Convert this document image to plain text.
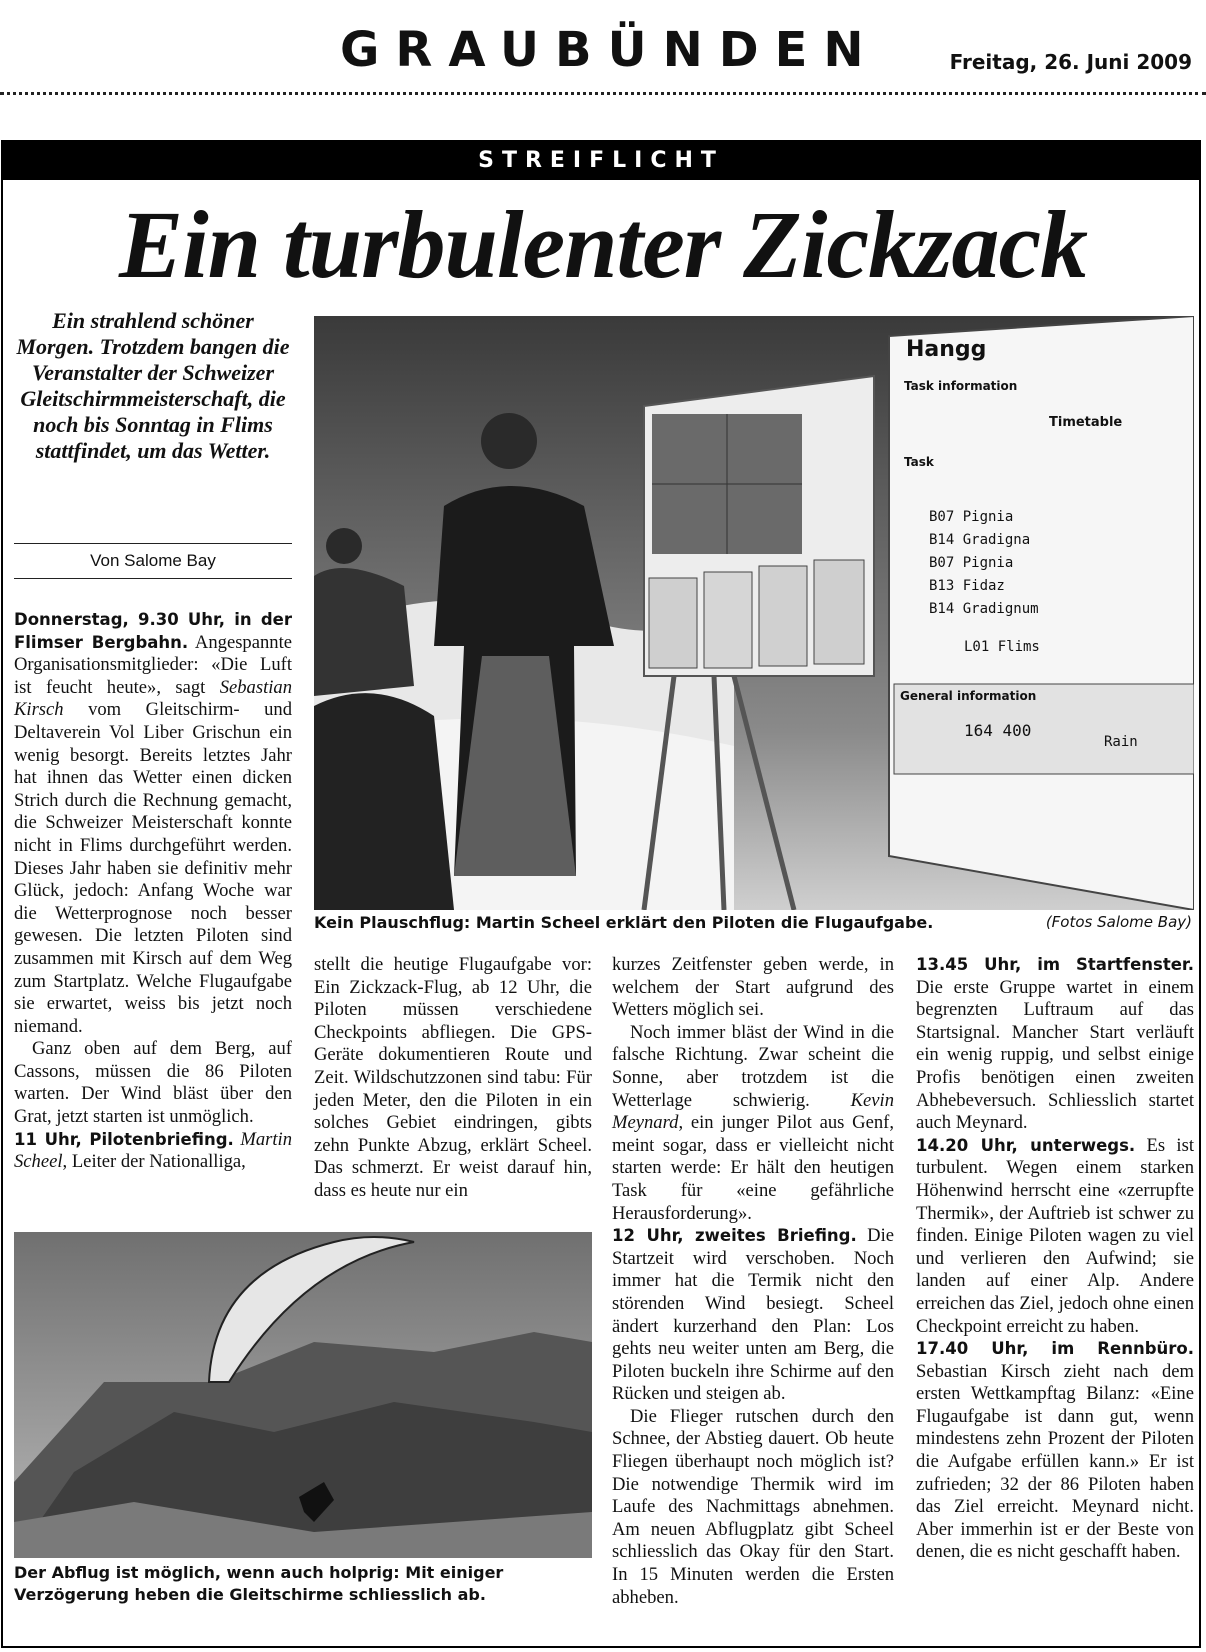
GRAUBÜNDEN	Freitag, 26. Juni 2009
STREIFLICHT
Ein turbulenter Zickzack
Ein strahlend schöner Morgen. Trotzdem bangen die Veranstalter der Schweizer Gleitschirmmeisterschaft, die noch bis Sonntag in Flims stattfindet, um das Wetter.
Von Salome Bay

Donnerstag, 9.30 Uhr, in der Flimser Bergbahn. Angespannte Organisationsmitglieder: «Die Luft ist feucht heute», sagt Sebastian Kirsch vom Gleitschirm- und Deltaverein Vol Liber Grischun ein wenig besorgt. Bereits letztes Jahr hat ihnen das Wetter einen dicken Strich durch die Rechnung gemacht, die Schweizer Meisterschaft konnte nicht in Flims durchgeführt werden. Dieses Jahr haben sie definitiv mehr Glück, jedoch: Anfang Woche war die Wetterprognose noch besser gewesen. Die letzten Piloten sind zusammen mit Kirsch auf dem Weg zum Startplatz. Welche Flugaufgabe sie erwartet, weiss bis jetzt noch niemand.

Ganz oben auf dem Berg, auf Cassons, müssen die 86 Piloten warten. Der Wind bläst über den Grat, jetzt starten ist unmöglich.

11 Uhr, Pilotenbriefing. Martin Scheel, Leiter der Nationalliga,

Hangg
Task information
Timetable
Task
B07 Pignia
B14 Gradigna
B07 Pignia
B13 Fidaz
B14 Gradignum
L01 Flims
General information
164 400
Rain
Kein Plauschflug: Martin Scheel erklärt den Piloten die Flugaufgabe.	(Fotos Salome Bay)

stellt die heutige Flugaufgabe vor: Ein Zickzack-Flug, ab 12 Uhr, die Piloten müssen verschiedene Checkpoints abfliegen. Die GPS-Geräte dokumentieren Route und Zeit. Wildschutzzonen sind tabu: Für jeden Meter, den die Piloten in ein solches Gebiet eindringen, gibts zehn Punkte Abzug, erklärt Scheel. Das schmerzt. Er weist darauf hin, dass es heute nur ein

Der Abflug ist möglich, wenn auch holprig: Mit einiger Verzögerung heben die Gleitschirme schliesslich ab.

kurzes Zeitfenster geben werde, in welchem der Start aufgrund des Wetters möglich sei.

Noch immer bläst der Wind in die falsche Richtung. Zwar scheint die Sonne, aber trotzdem ist die Wetterlage schwierig. Kevin Meynard, ein junger Pilot aus Genf, meint sogar, dass er vielleicht nicht starten werde: Er hält den heutigen Task für «eine gefährliche Herausforderung».

12 Uhr, zweites Briefing. Die Startzeit wird verschoben. Noch immer hat die Termik nicht den störenden Wind besiegt. Scheel ändert kurzerhand den Plan: Los gehts neu weiter unten am Berg, die Piloten buckeln ihre Schirme auf den Rücken und steigen ab.

Die Flieger rutschen durch den Schnee, der Abstieg dauert. Ob heute Fliegen überhaupt noch möglich ist? Die notwendige Thermik wird im Laufe des Nachmittags abnehmen. Am neuen Abflugplatz gibt Scheel schliesslich das Okay für den Start. In 15 Minuten werden die Ersten abheben.

13.45 Uhr, im Startfenster. Die erste Gruppe wartet in einem begrenzten Luftraum auf das Startsignal. Mancher Start verläuft ein wenig ruppig, und selbst einige Profis benötigen einen zweiten Abhebeversuch. Schliesslich startet auch Meynard.

14.20 Uhr, unterwegs. Es ist turbulent. Wegen einem starken Höhenwind herrscht eine «zerrupfte Thermik», der Auftrieb ist schwer zu finden. Einige Piloten wagen zu viel und verlieren den Aufwind; sie landen auf einer Alp. Andere erreichen das Ziel, jedoch ohne einen Checkpoint erreicht zu haben.

17.40 Uhr, im Rennbüro. Sebastian Kirsch zieht nach dem ersten Wettkampftag Bilanz: «Eine Flugaufgabe ist dann gut, wenn mindestens zehn Prozent der Piloten die Aufgabe erfüllen kann.» Er ist zufrieden; 32 der 86 Piloten haben das Ziel erreicht. Meynard nicht. Aber immerhin ist er der Beste von denen, die es nicht geschafft haben.
